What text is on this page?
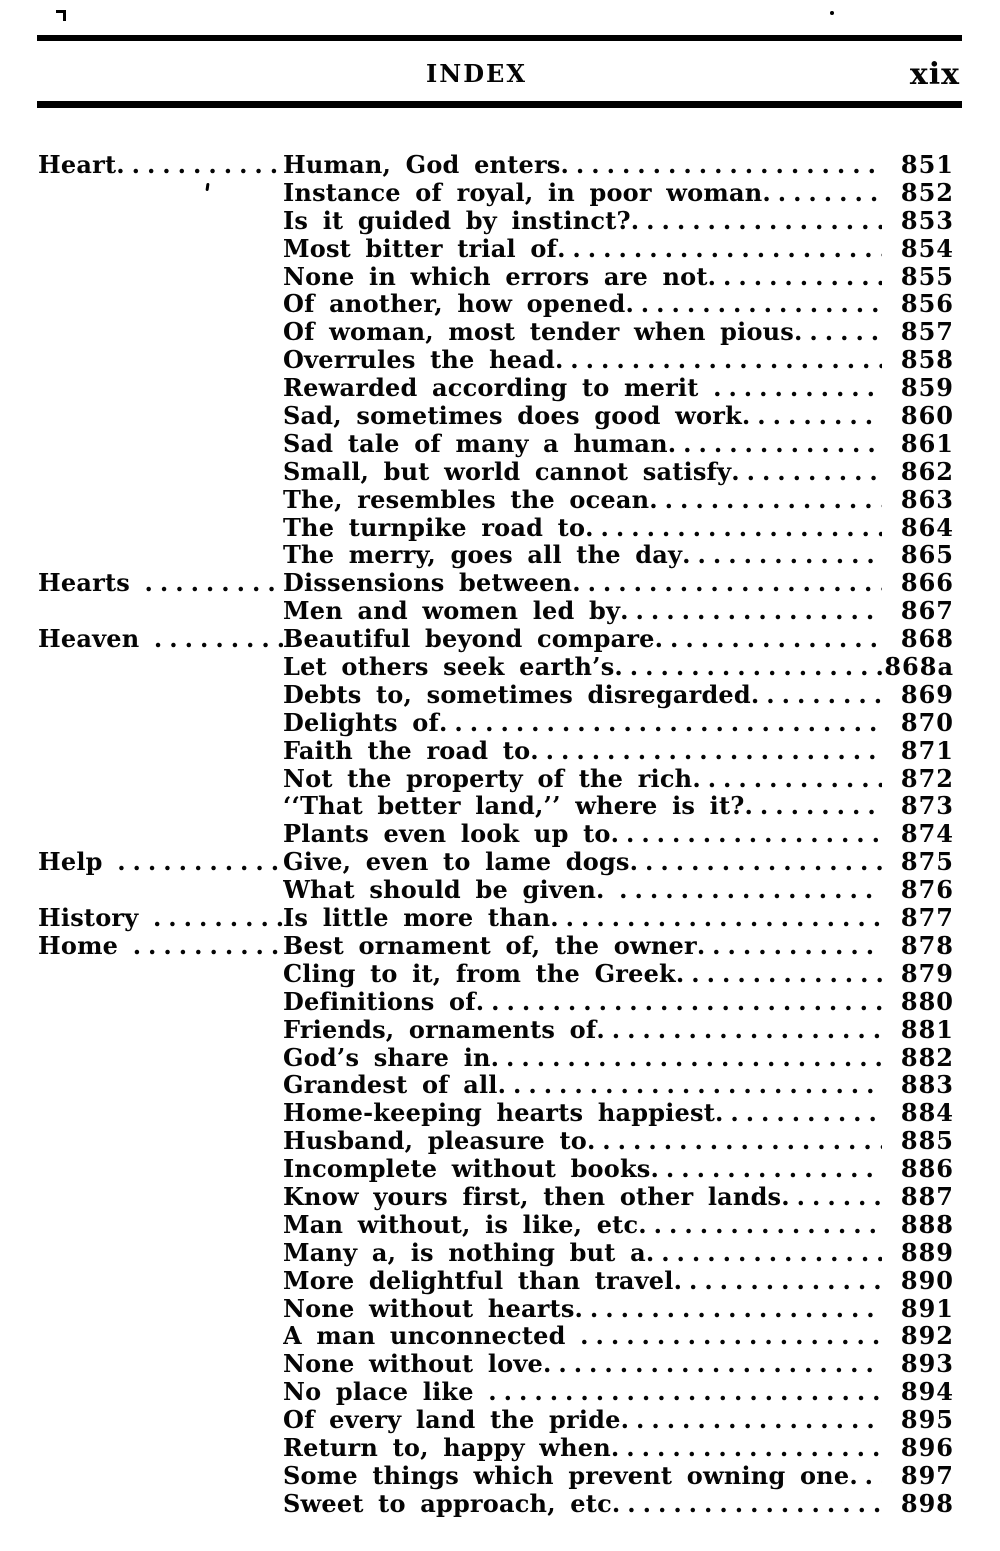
INDEX	xix
Heart .....	Human, God enters .....	851
Instance of royal, in poor woman .....	852
Is it guided by instinct? .....	853
Most bitter trial of .....	854
None in which errors are not .....	855
Of another, how opened .....	856
Of woman, most tender when pious .....	857
Overrules the head .....	858
Rewarded according to merit .....	859
Sad, sometimes does good work .....	860
Sad tale of many a human .....	861
Small, but world cannot satisfy .....	862
The, resembles the ocean .....	863
The turnpike road to .....	864
The merry, goes all the day .....	865
Hearts .....	Dissensions between .....	866
Men and women led by .....	867
Heaven .....	Beautiful beyond compare .....	868
Let others seek earth’s .....	868a
Debts to, sometimes disregarded .....	869
Delights of .....	870
Faith the road to .....	871
Not the property of the rich .....	872
‘‘That better land,’’ where is it? .....	873
Plants even look up to .....	874
Help .....	Give, even to lame dogs .....	875
What should be given. .....	876
History .....	Is little more than .....	877
Home .....	Best ornament of, the owner .....	878
Cling to it, from the Greek .....	879
Definitions of .....	880
Friends, ornaments of .....	881
God’s share in .....	882
Grandest of all .....	883
Home-keeping hearts happiest .....	884
Husband, pleasure to .....	885
Incomplete without books .....	886
Know yours first, then other lands .....	887
Man without, is like, etc .....	888
Many a, is nothing but a .....	889
More delightful than travel .....	890
None without hearts .....	891
A man unconnected .....	892
None without love .....	893
No place like .....	894
Of every land the pride .....	895
Return to, happy when .....	896
Some things which prevent owning one .....	897
Sweet to approach, etc .....	898
